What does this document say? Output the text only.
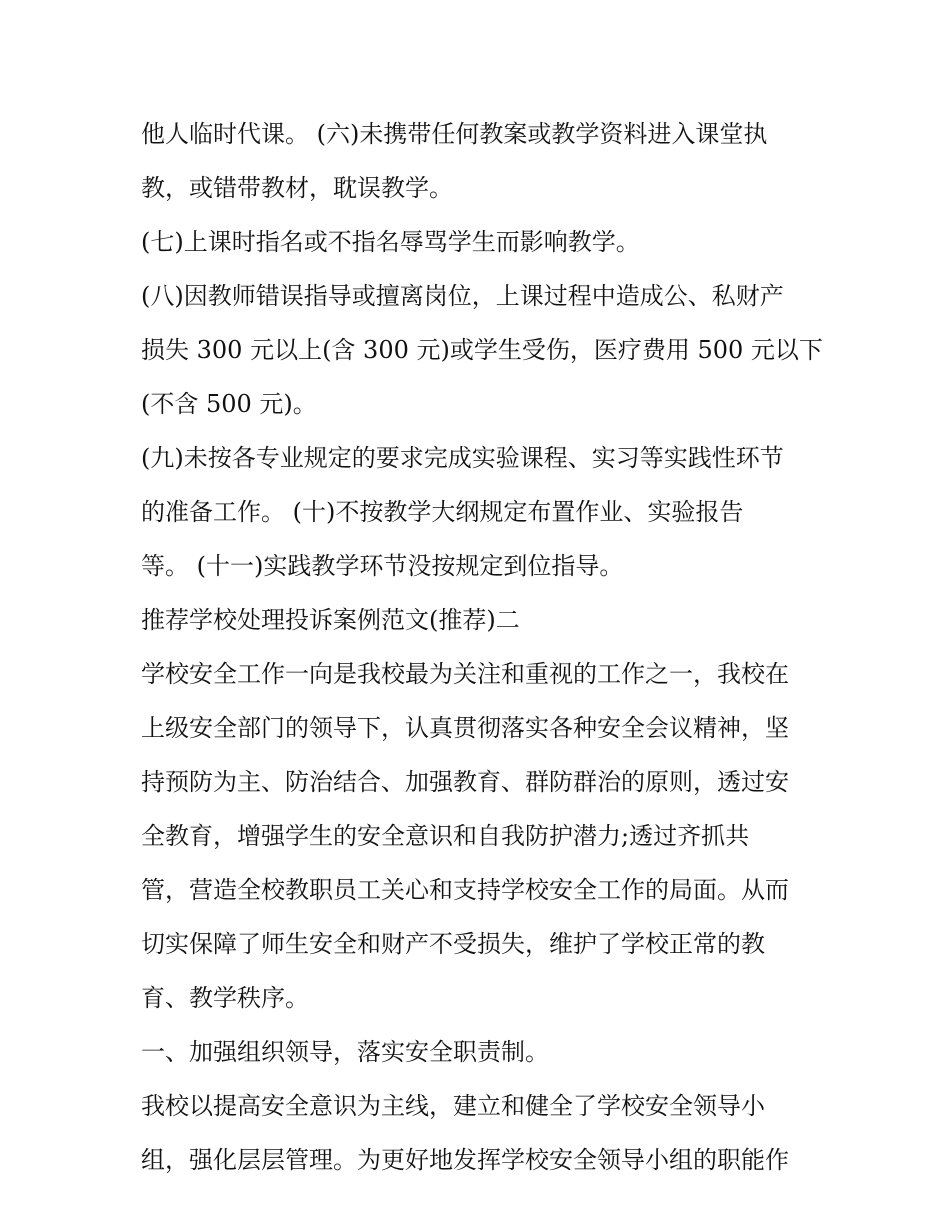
他人临时代课。 (六)未携带任何教案或教学资料进入课堂执
教，或错带教材，耽误教学。
(七)上课时指名或不指名辱骂学生而影响教学。
(八)因教师错误指导或擅离岗位，上课过程中造成公、私财产
损失 300 元以上(含 300 元)或学生受伤，医疗费用 500 元以下
(不含 500 元)。
(九)未按各专业规定的要求完成实验课程、实习等实践性环节
的准备工作。 (十)不按教学大纲规定布置作业、实验报告
等。 (十一)实践教学环节没按规定到位指导。
推荐学校处理投诉案例范文(推荐)二
学校安全工作一向是我校最为关注和重视的工作之一，我校在
上级安全部门的领导下，认真贯彻落实各种安全会议精神，坚
持预防为主、防治结合、加强教育、群防群治的原则，透过安
全教育，增强学生的安全意识和自我防护潜力;透过齐抓共
管，营造全校教职员工关心和支持学校安全工作的局面。从而
切实保障了师生安全和财产不受损失，维护了学校正常的教
育、教学秩序。
一、加强组织领导，落实安全职责制。
我校以提高安全意识为主线，建立和健全了学校安全领导小
组，强化层层管理。为更好地发挥学校安全领导小组的职能作
